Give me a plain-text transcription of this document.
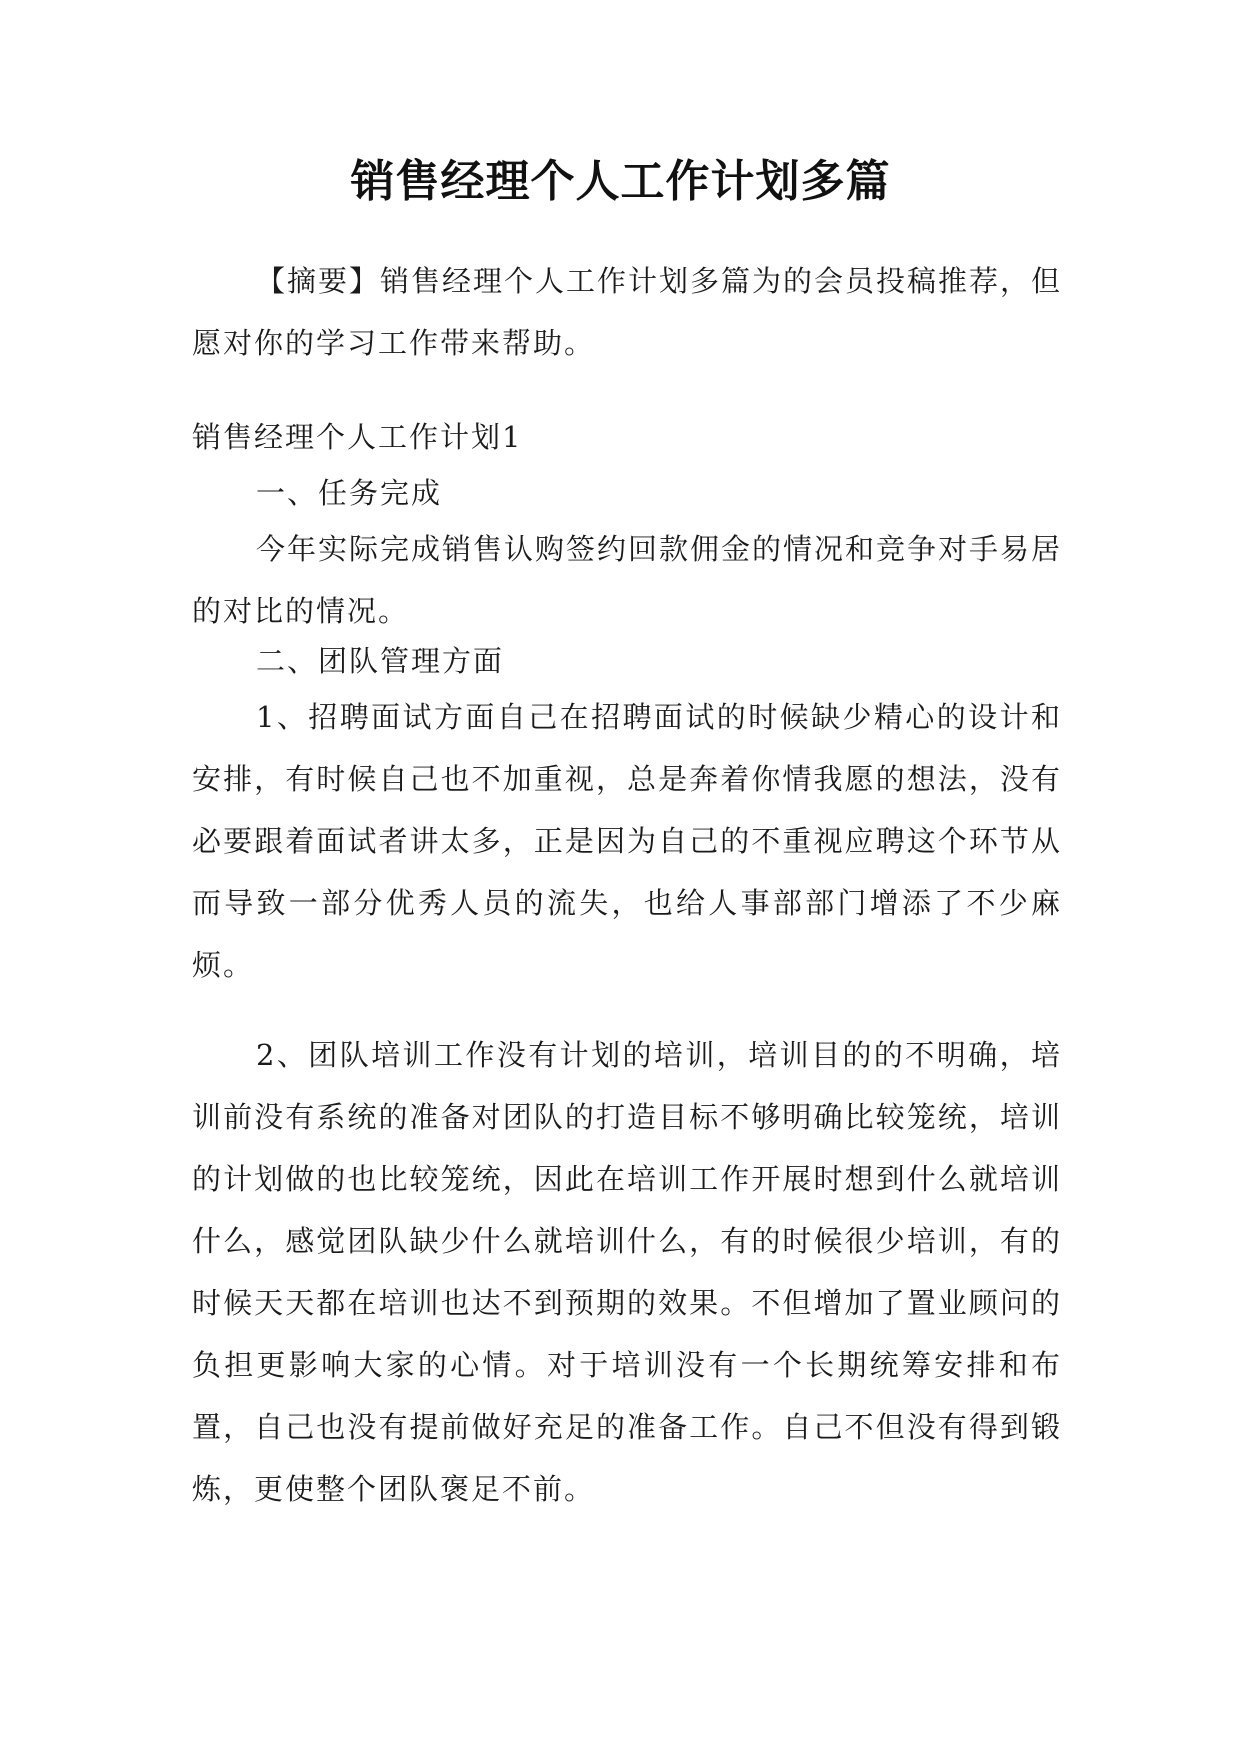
销售经理个人工作计划多篇

【摘要】销售经理个人工作计划多篇为的会员投稿推荐，但愿对你的学习工作带来帮助。

销售经理个人工作计划1

一、任务完成

今年实际完成销售认购签约回款佣金的情况和竞争对手易居的对比的情况。

二、团队管理方面

1、招聘面试方面自己在招聘面试的时候缺少精心的设计和安排，有时候自己也不加重视，总是奔着你情我愿的想法，没有必要跟着面试者讲太多，正是因为自己的不重视应聘这个环节从而导致一部分优秀人员的流失，也给人事部部门增添了不少麻烦。

2、团队培训工作没有计划的培训，培训目的的不明确，培训前没有系统的准备对团队的打造目标不够明确比较笼统，培训的计划做的也比较笼统，因此在培训工作开展时想到什么就培训什么，感觉团队缺少什么就培训什么，有的时候很少培训，有的时候天天都在培训也达不到预期的效果。不但增加了置业顾问的负担更影响大家的心情。对于培训没有一个长期统筹安排和布置，自己也没有提前做好充足的准备工作。自己不但没有得到锻炼，更使整个团队褒足不前。
